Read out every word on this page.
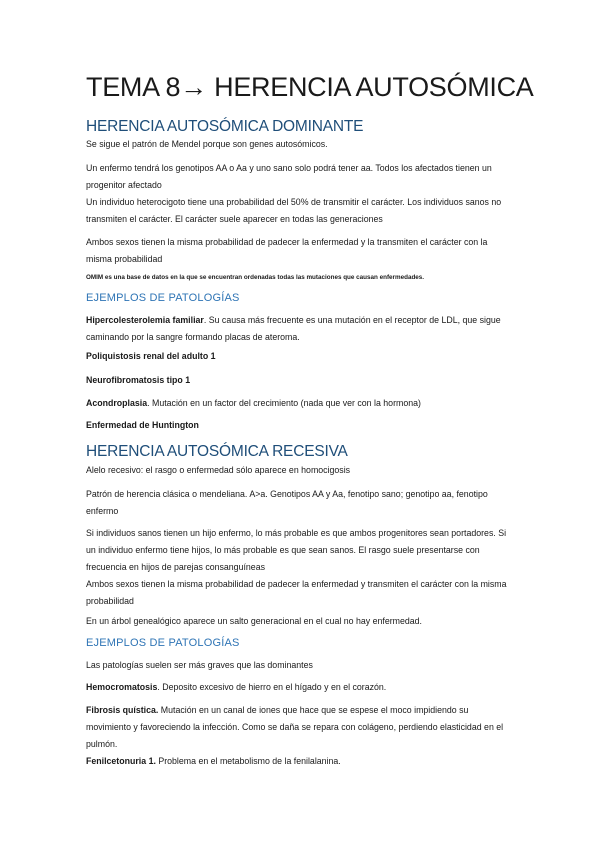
TEMA 8→ HERENCIA AUTOSÓMICA
HERENCIA AUTOSÓMICA DOMINANTE
Se sigue el patrón de Mendel porque son genes autosómicos.
Un enfermo tendrá los genotipos AA o Aa y uno sano solo podrá tener aa. Todos los afectados tienen un progenitor afectado
Un individuo heterocigoto tiene una probabilidad del 50% de transmitir el carácter. Los individuos sanos no transmiten el carácter. El carácter suele aparecer en todas las generaciones
Ambos sexos tienen la misma probabilidad de padecer la enfermedad y la transmiten el carácter con la misma probabilidad
OMIM es una base de datos en la que se encuentran ordenadas todas las mutaciones que causan enfermedades.
EJEMPLOS DE PATOLOGÍAS
Hipercolesterolemia familiar. Su causa más frecuente es una mutación en el receptor de LDL, que sigue caminando por la sangre formando placas de ateroma.
Poliquistosis renal del adulto 1
Neurofibromatosis tipo 1
Acondroplasia. Mutación en un factor del crecimiento (nada que ver con la hormona)
Enfermedad de Huntington
HERENCIA AUTOSÓMICA RECESIVA
Alelo recesivo: el rasgo o enfermedad sólo aparece en homocigosis
Patrón de herencia clásica o mendeliana. A>a. Genotipos AA y Aa, fenotipo sano; genotipo aa, fenotipo enfermo
Si individuos sanos tienen un hijo enfermo, lo más probable es que ambos progenitores sean portadores. Si un individuo enfermo tiene hijos, lo más probable es que sean sanos. El rasgo suele presentarse con frecuencia en hijos de parejas consanguíneas
Ambos sexos tienen la misma probabilidad de padecer la enfermedad y transmiten el carácter con la misma probabilidad
En un árbol genealógico aparece un salto generacional en el cual no hay enfermedad.
EJEMPLOS DE PATOLOGÍAS
Las patologías suelen ser más graves que las dominantes
Hemocromatosis. Deposito excesivo de hierro en el hígado y en el corazón.
Fibrosis quística. Mutación en un canal de iones que hace que se espese el moco impidiendo su movimiento y favoreciendo la infección. Como se daña se repara con colágeno, perdiendo elasticidad en el pulmón.
Fenilcetonuria 1. Problema en el metabolismo de la fenilalanina.
